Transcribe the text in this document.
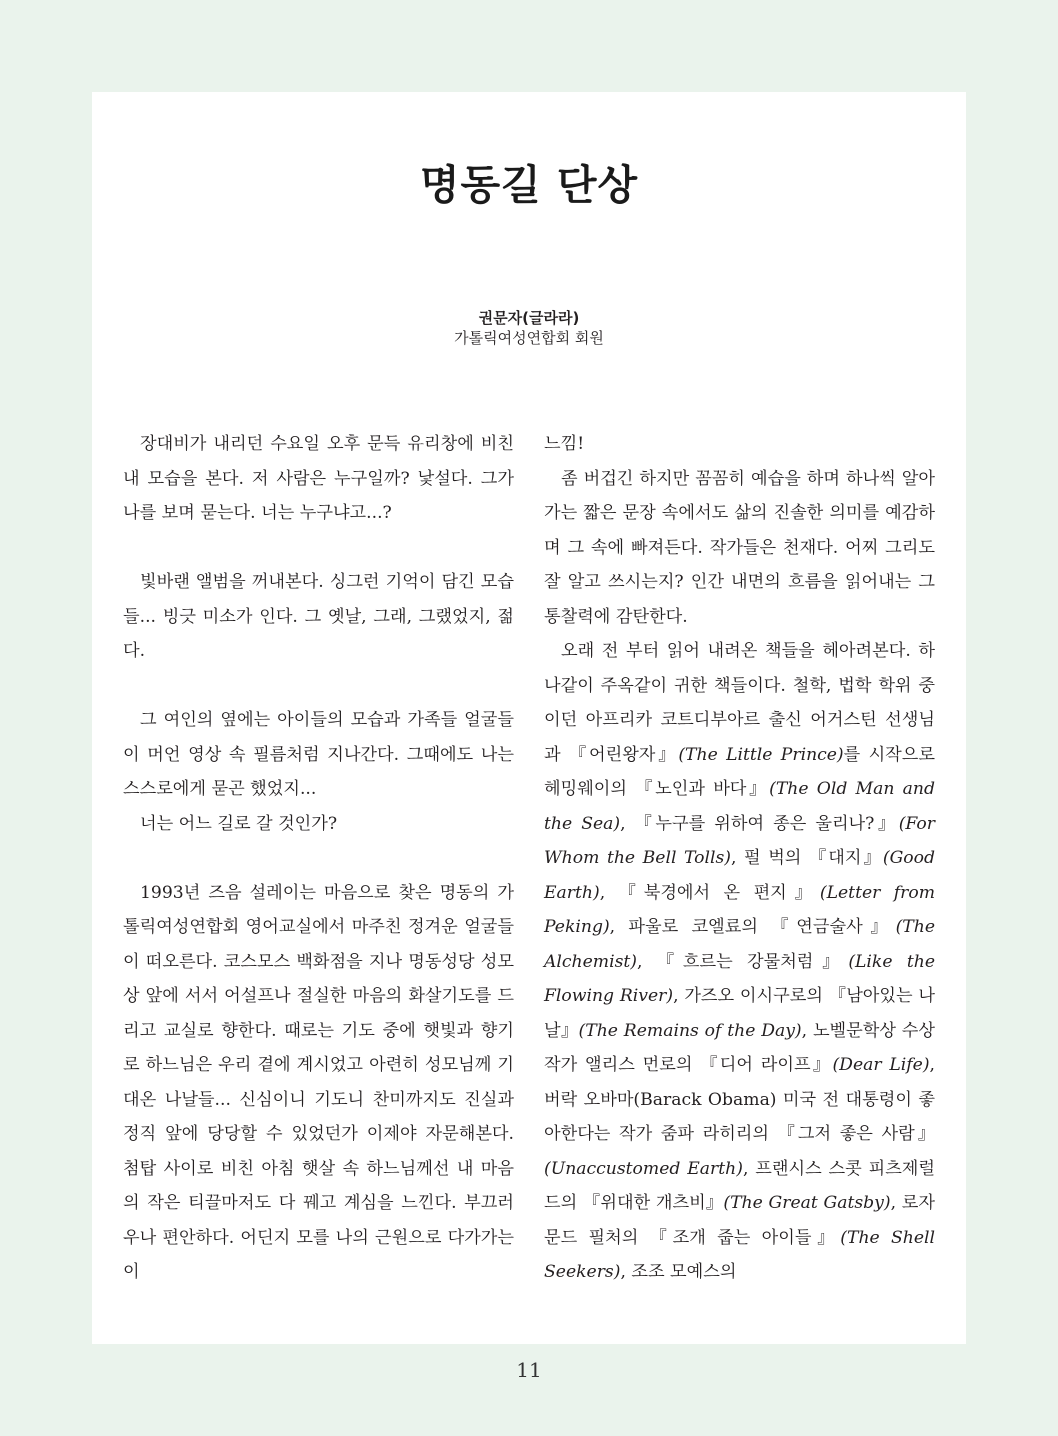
명동길 단상
권문자(글라라)
가톨릭여성연합회 회원

장대비가 내리던 수요일 오후 문득 유리창에 비친 내 모습을 본다. 저 사람은 누구일까? 낯설다. 그가 나를 보며 묻는다. 너는 누구냐고...?

빛바랜 앨범을 꺼내본다. 싱그런 기억이 담긴 모습들... 빙긋 미소가 인다. 그 옛날, 그래, 그랬었지, 젊다.

그 여인의 옆에는 아이들의 모습과 가족들 얼굴들이 머언 영상 속 필름처럼 지나간다. 그때에도 나는 스스로에게 묻곤 했었지...

너는 어느 길로 갈 것인가?

1993년 즈음 설레이는 마음으로 찾은 명동의 가톨릭여성연합회 영어교실에서 마주친 정겨운 얼굴들이 떠오른다. 코스모스 백화점을 지나 명동성당 성모상 앞에 서서 어설프나 절실한 마음의 화살기도를 드리고 교실로 향한다. 때로는 기도 중에 햇빛과 향기로 하느님은 우리 곁에 계시었고 아련히 성모님께 기대온 나날들... 신심이니 기도니 찬미까지도 진실과 정직 앞에 당당할 수 있었던가 이제야 자문해본다. 첨탑 사이로 비친 아침 햇살 속 하느님께선 내 마음의 작은 티끌마저도 다 꿰고 계심을 느낀다. 부끄러우나 편안하다. 어딘지 모를 나의 근원으로 다가가는 이

느낌!

좀 버겁긴 하지만 꼼꼼히 예습을 하며 하나씩 알아가는 짧은 문장 속에서도 삶의 진솔한 의미를 예감하며 그 속에 빠져든다. 작가들은 천재다. 어찌 그리도 잘 알고 쓰시는지? 인간 내면의 흐름을 읽어내는 그 통찰력에 감탄한다.

오래 전 부터 읽어 내려온 책들을 헤아려본다. 하나같이 주옥같이 귀한 책들이다. 철학, 법학 학위 중이던 아프리카 코트디부아르 출신 어거스틴 선생님과 『어린왕자』(The Little Prince)를 시작으로 헤밍웨이의 『노인과 바다』(The Old Man and the Sea), 『누구를 위하여 종은 울리나?』(For Whom the Bell Tolls), 펄 벅의 『대지』(Good Earth), 『북경에서 온 편지』(Letter from Peking), 파울로 코엘료의 『연금술사』(The Alchemist), 『흐르는 강물처럼』(Like the Flowing River), 가즈오 이시구로의 『남아있는 나날』(The Remains of the Day), 노벨문학상 수상작가 앨리스 먼로의 『디어 라이프』(Dear Life), 버락 오바마(Barack Obama) 미국 전 대통령이 좋아한다는 작가 줌파 라히리의 『그저 좋은 사람』(Unaccustomed Earth), 프랜시스 스콧 피츠제럴드의 『위대한 개츠비』(The Great Gatsby), 로자문드 필처의 『조개 줍는 아이들』(The Shell Seekers), 조조 모예스의

11
